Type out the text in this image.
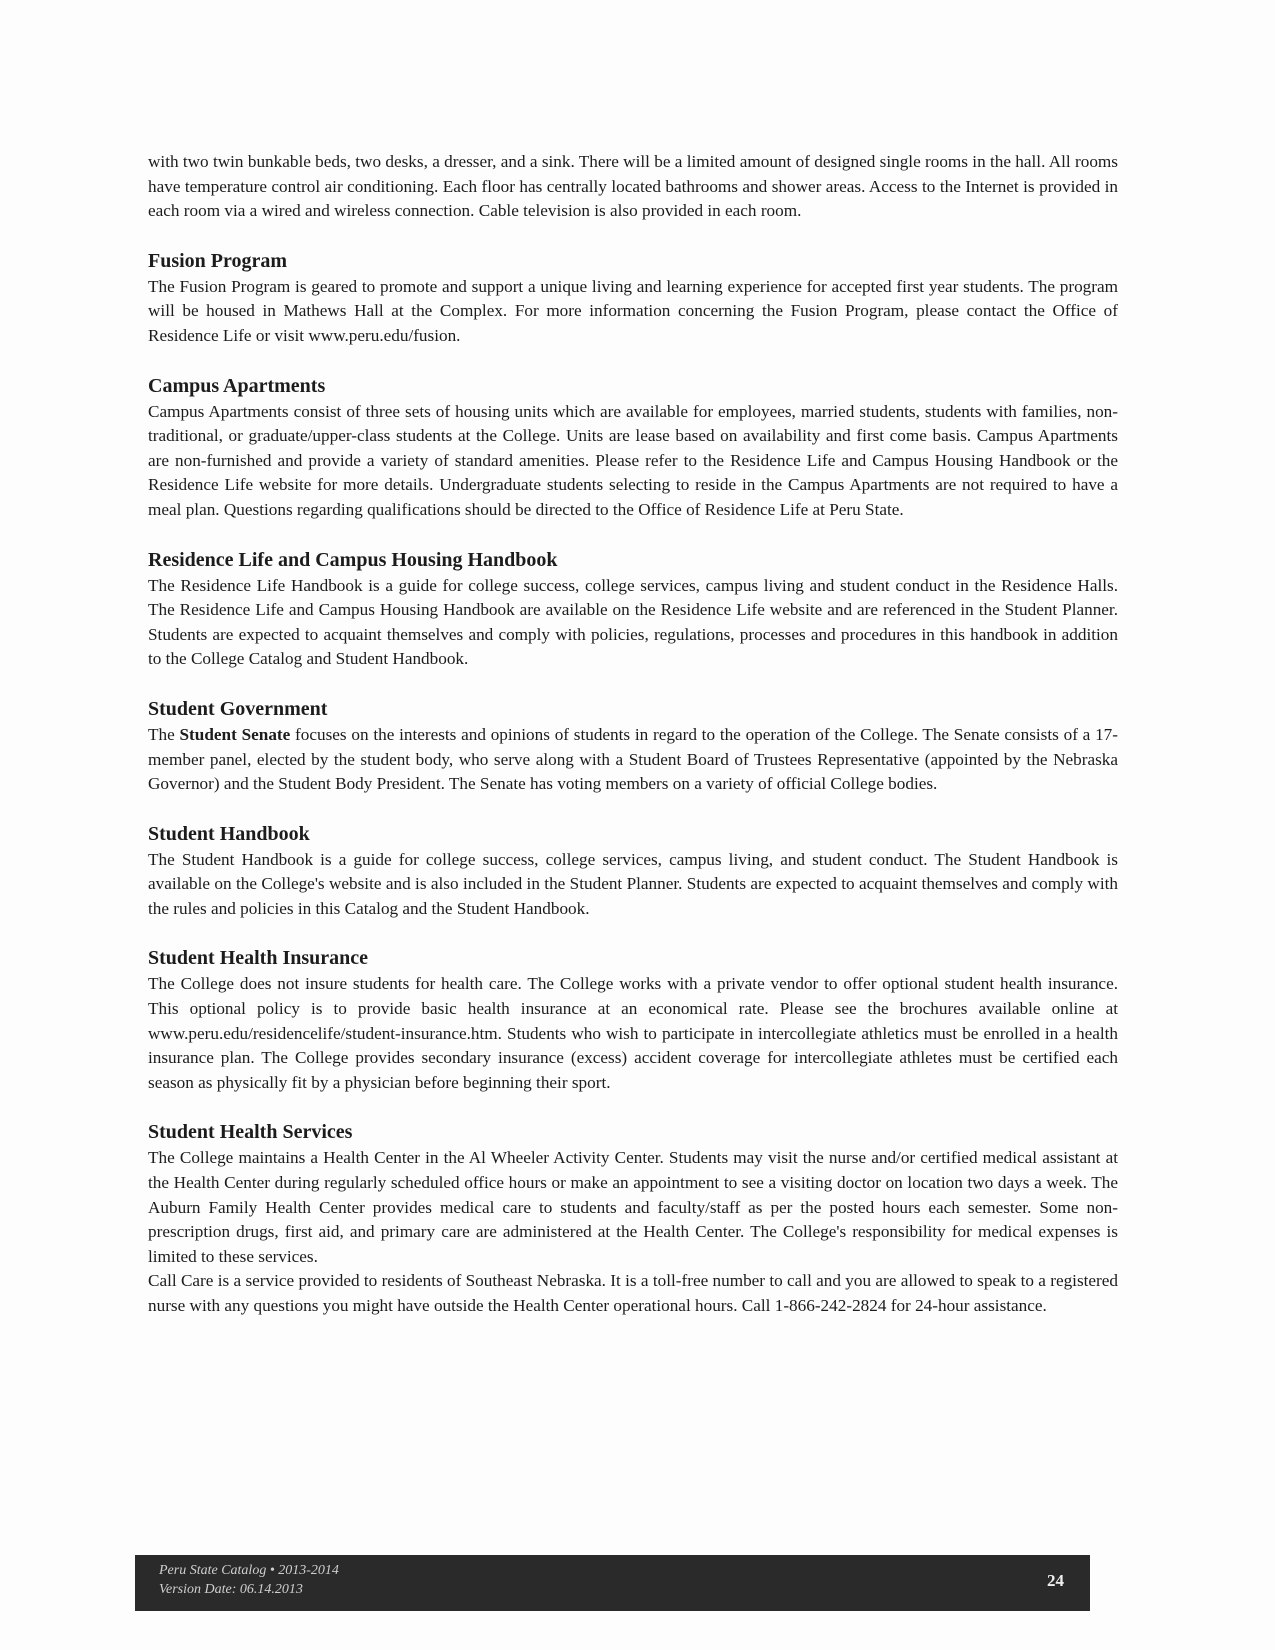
with two twin bunkable beds, two desks, a dresser, and a sink. There will be a limited amount of designed single rooms in the hall. All rooms have temperature control air conditioning. Each floor has centrally located bathrooms and shower areas. Access to the Internet is provided in each room via a wired and wireless connection. Cable television is also provided in each room.

Fusion Program

The Fusion Program is geared to promote and support a unique living and learning experience for accepted first year students. The program will be housed in Mathews Hall at the Complex. For more information concerning the Fusion Program, please contact the Office of Residence Life or visit www.peru.edu/fusion.

Campus Apartments

Campus Apartments consist of three sets of housing units which are available for employees, married students, students with families, non-traditional, or graduate/upper-class students at the College. Units are lease based on availability and first come basis. Campus Apartments are non-furnished and provide a variety of standard amenities. Please refer to the Residence Life and Campus Housing Handbook or the Residence Life website for more details. Undergraduate students selecting to reside in the Campus Apartments are not required to have a meal plan. Questions regarding qualifications should be directed to the Office of Residence Life at Peru State.

Residence Life and Campus Housing Handbook

The Residence Life Handbook is a guide for college success, college services, campus living and student conduct in the Residence Halls. The Residence Life and Campus Housing Handbook are available on the Residence Life website and are referenced in the Student Planner. Students are expected to acquaint themselves and comply with policies, regulations, processes and procedures in this handbook in addition to the College Catalog and Student Handbook.

Student Government

The Student Senate focuses on the interests and opinions of students in regard to the operation of the College. The Senate consists of a 17-member panel, elected by the student body, who serve along with a Student Board of Trustees Representative (appointed by the Nebraska Governor) and the Student Body President. The Senate has voting members on a variety of official College bodies.

Student Handbook

The Student Handbook is a guide for college success, college services, campus living, and student conduct. The Student Handbook is available on the College's website and is also included in the Student Planner. Students are expected to acquaint themselves and comply with the rules and policies in this Catalog and the Student Handbook.

Student Health Insurance

The College does not insure students for health care. The College works with a private vendor to offer optional student health insurance. This optional policy is to provide basic health insurance at an economical rate. Please see the brochures available online at www.peru.edu/residencelife/student-insurance.htm. Students who wish to participate in intercollegiate athletics must be enrolled in a health insurance plan. The College provides secondary insurance (excess) accident coverage for intercollegiate athletes must be certified each season as physically fit by a physician before beginning their sport.

Student Health Services

The College maintains a Health Center in the Al Wheeler Activity Center. Students may visit the nurse and/or certified medical assistant at the Health Center during regularly scheduled office hours or make an appointment to see a visiting doctor on location two days a week. The Auburn Family Health Center provides medical care to students and faculty/staff as per the posted hours each semester. Some non-prescription drugs, first aid, and primary care are administered at the Health Center. The College's responsibility for medical expenses is limited to these services.

Call Care is a service provided to residents of Southeast Nebraska. It is a toll-free number to call and you are allowed to speak to a registered nurse with any questions you might have outside the Health Center operational hours. Call 1-866-242-2824 for 24-hour assistance.

Peru State Catalog • 2013-2014
Version Date: 06.14.2013	24
